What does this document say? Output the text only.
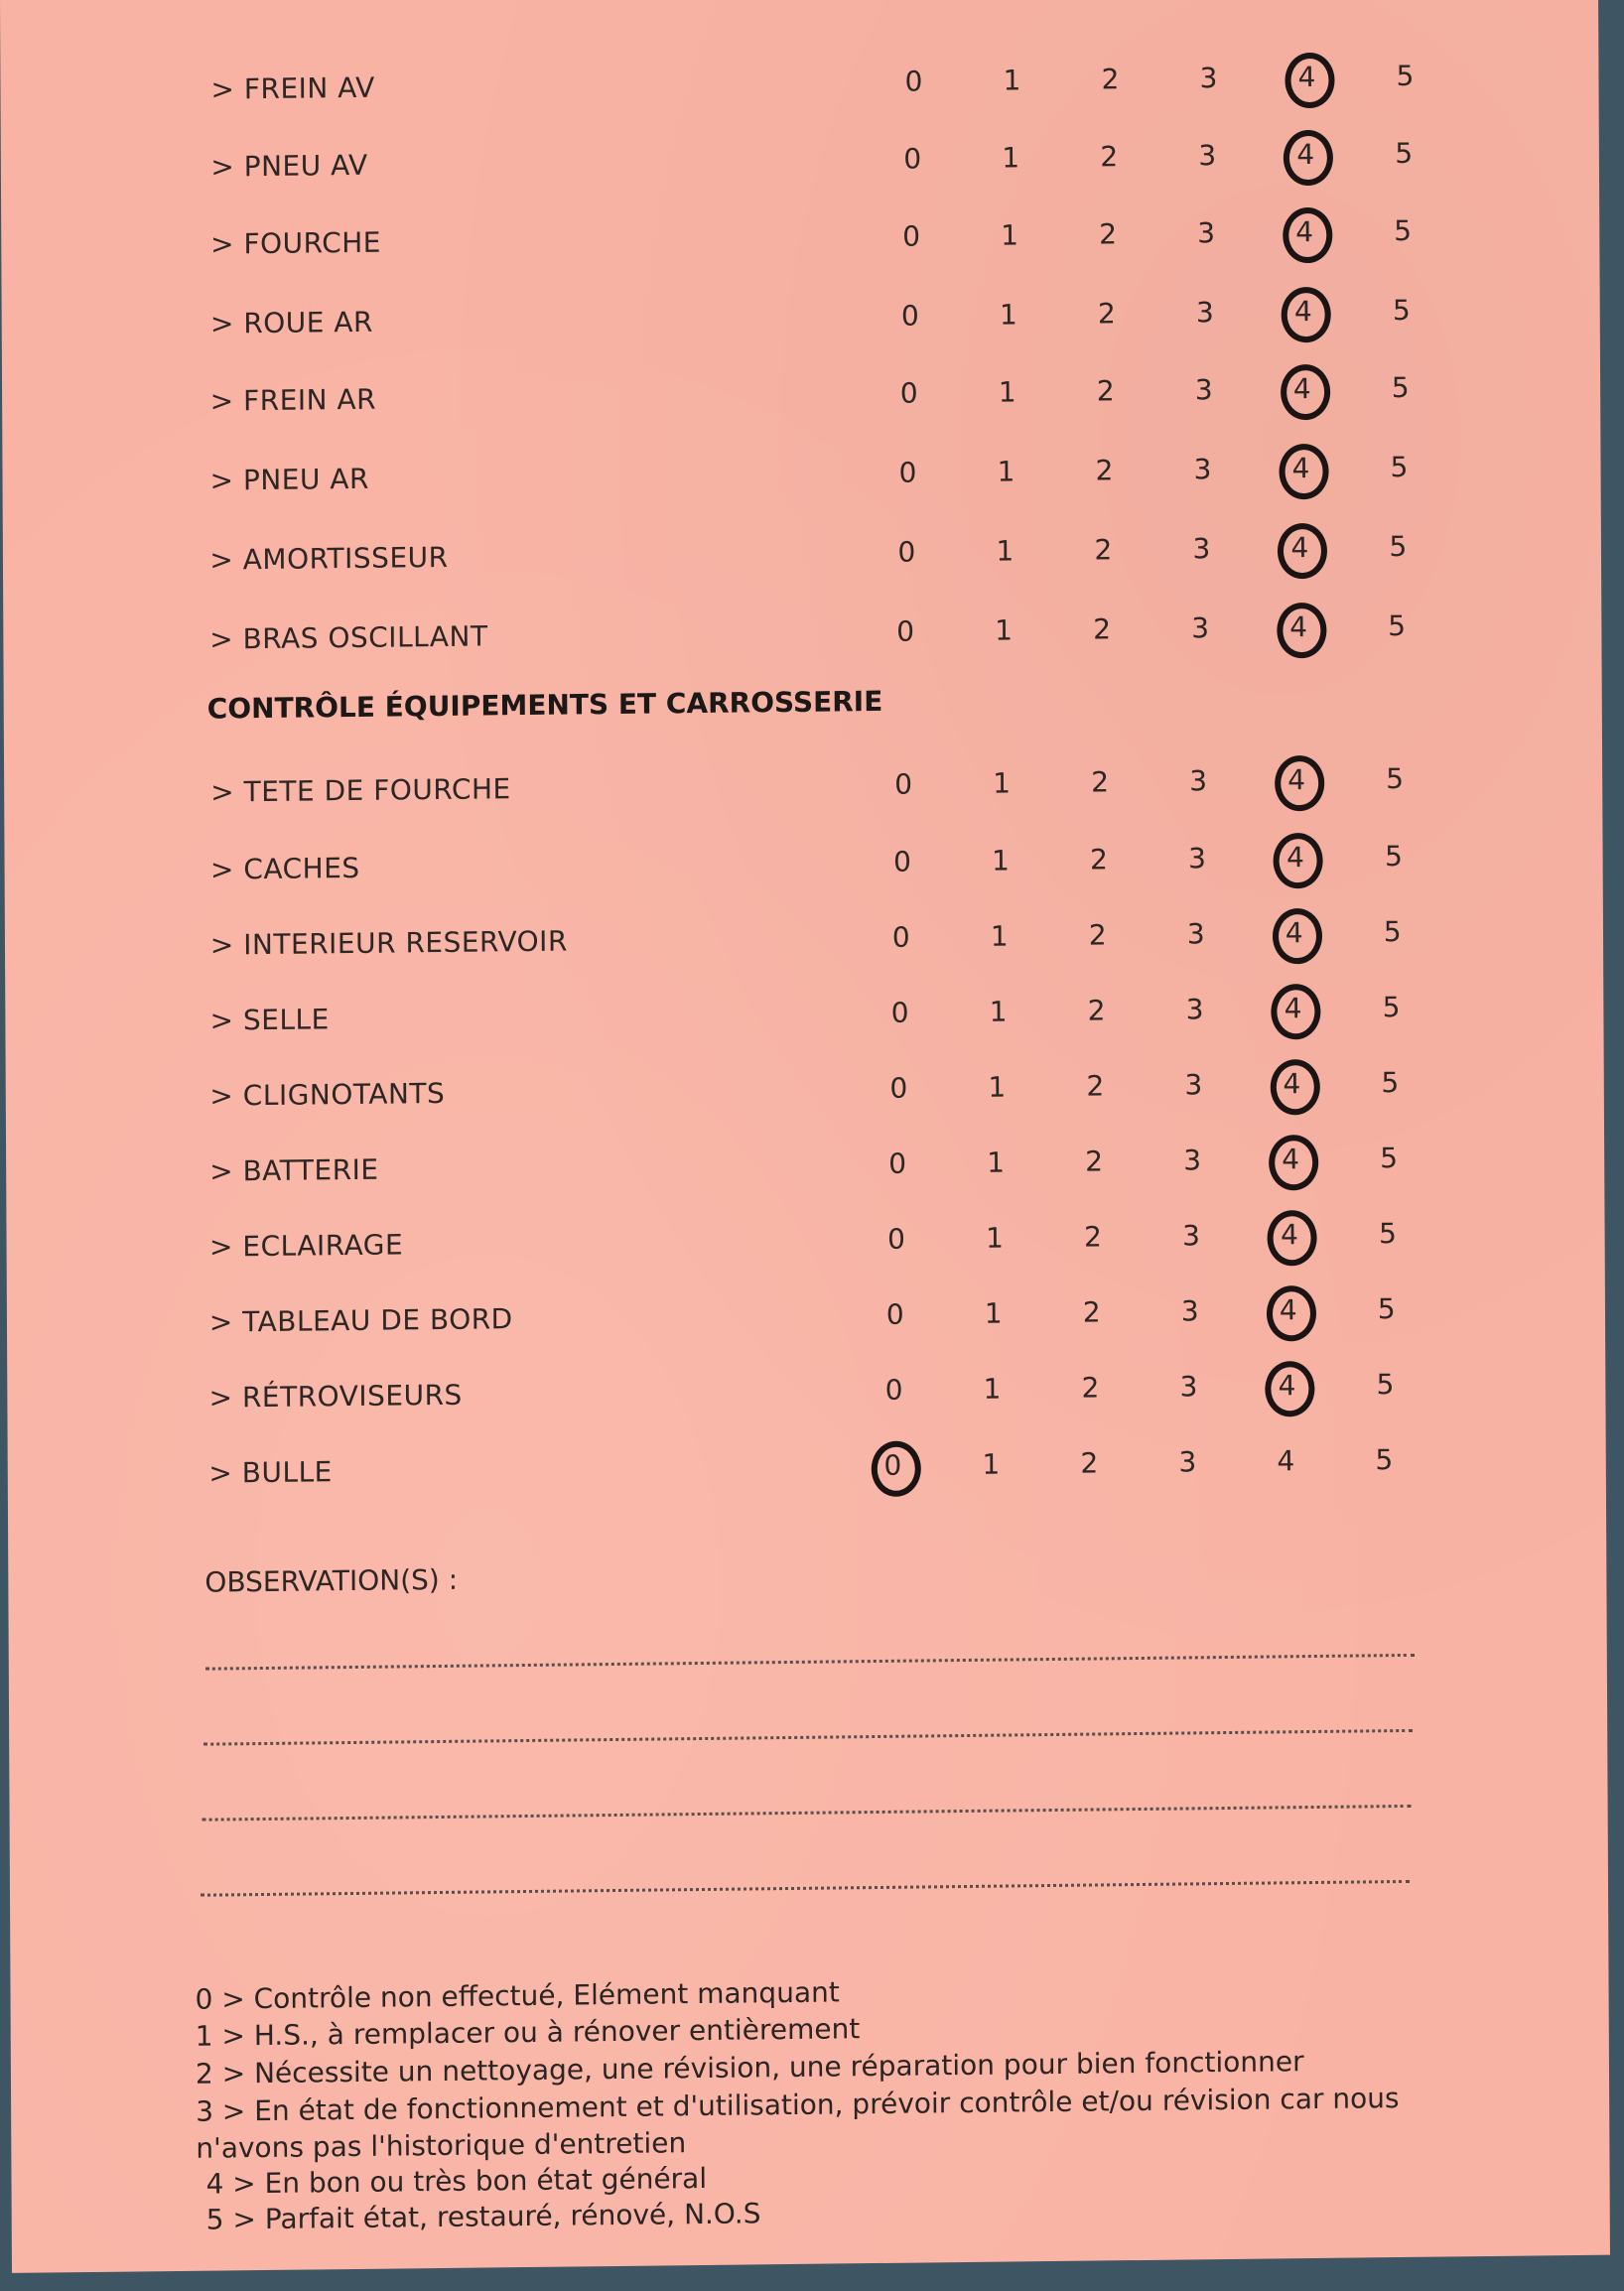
CONTRÔLE ÉQUIPEMENTS ET CARROSSERIE
OBSERVATION(S) :
0 > Contrôle non effectué, Elément manquant
1 > H.S., à remplacer ou à rénover entièrement
2 > Nécessite un nettoyage, une révision, une réparation pour bien fonctionner
3 > En état de fonctionnement et d'utilisation, prévoir contrôle et/ou révision car nous
n'avons pas l'historique d'entretien
4 > En bon ou très bon état général
5 > Parfait état, restauré, rénové, N.O.S
> FREIN AV	0	1	2	3	4	5
> PNEU AV	0	1	2	3	4	5
> FOURCHE	0	1	2	3	4	5
> ROUE AR	0	1	2	3	4	5
> FREIN AR	0	1	2	3	4	5
> PNEU AR	0	1	2	3	4	5
> AMORTISSEUR	0	1	2	3	4	5
> BRAS OSCILLANT	0	1	2	3	4	5
> TETE DE FOURCHE	0	1	2	3	4	5
> CACHES	0	1	2	3	4	5
> INTERIEUR RESERVOIR	0	1	2	3	4	5
> SELLE	0	1	2	3	4	5
> CLIGNOTANTS	0	1	2	3	4	5
> BATTERIE	0	1	2	3	4	5
> ECLAIRAGE	0	1	2	3	4	5
> TABLEAU DE BORD	0	1	2	3	4	5
> RÉTROVISEURS	0	1	2	3	4	5
> BULLE	0	1	2	3	4	5
